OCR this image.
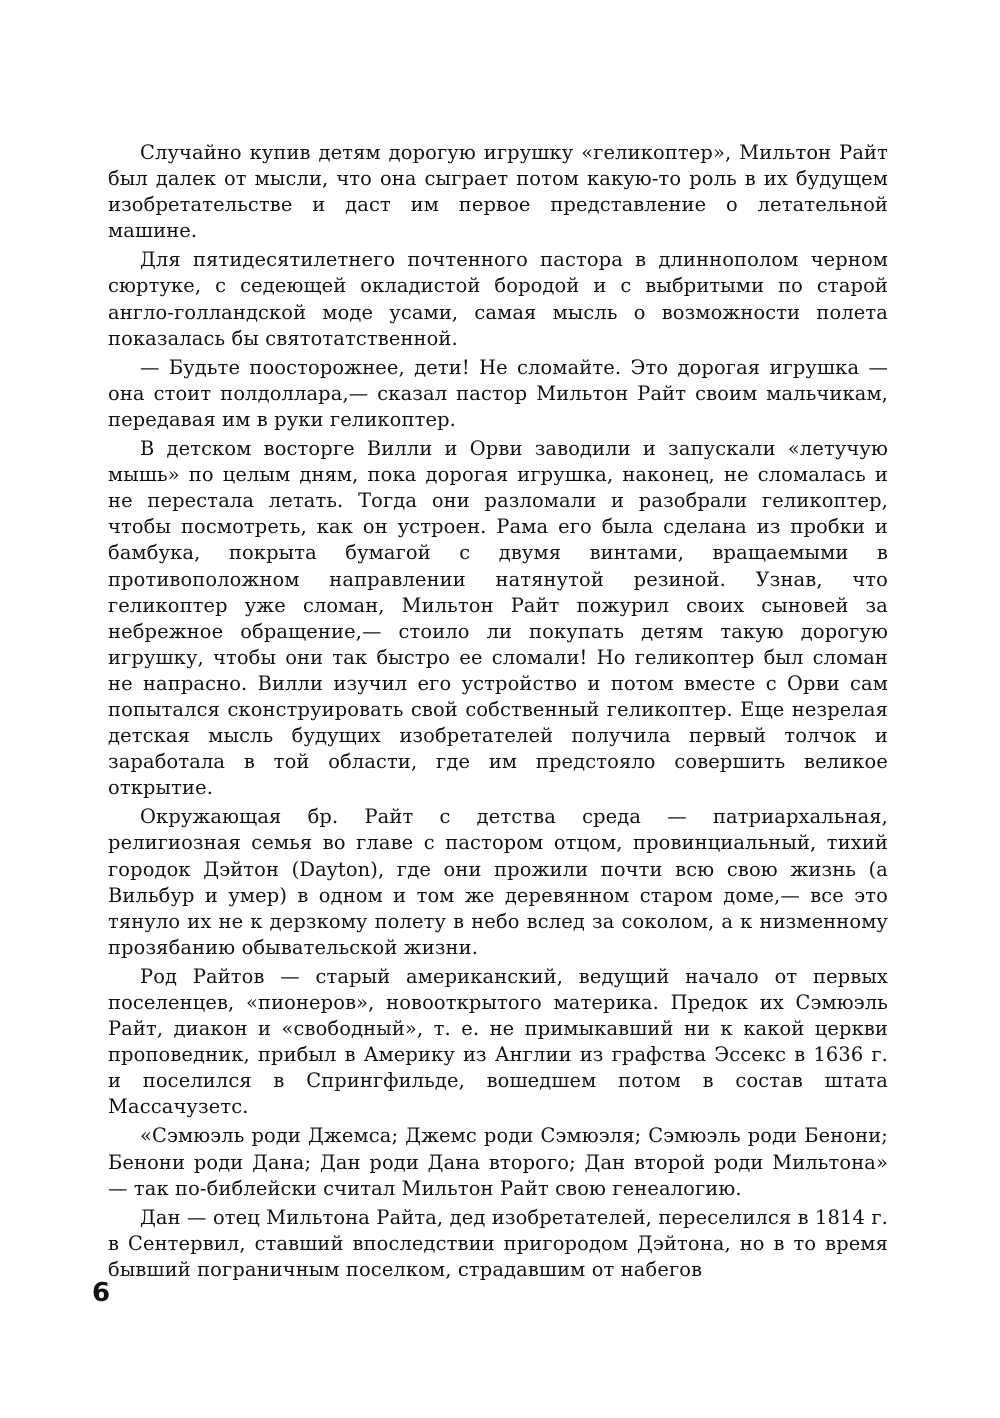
Случайно купив детям дорогую игрушку «геликоптер», Мильтон Райт был далек от мысли, что она сыграет потом какую-то роль в их будущем изобретательстве и даст им первое представление о летательной машине.

Для пятидесятилетнего почтенного пастора в длиннополом черном сюртуке, с седеющей окладистой бородой и с выбритыми по старой англо-голландской моде усами, самая мысль о возможности полета показалась бы святотатственной.

— Будьте поосторожнее, дети! Не сломайте. Это дорогая игрушка — она стоит полдоллара,— сказал пастор Мильтон Райт своим мальчикам, передавая им в руки геликоптер.

В детском восторге Вилли и Орви заводили и запускали «летучую мышь» по целым дням, пока дорогая игрушка, наконец, не сломалась и не перестала летать. Тогда они разломали и разобрали геликоптер, чтобы посмотреть, как он устроен. Рама его была сделана из пробки и бамбука, покрыта бумагой с двумя винтами, вращаемыми в противоположном направлении натянутой резиной. Узнав, что геликоптер уже сломан, Мильтон Райт пожурил своих сыновей за небрежное обращение,— стоило ли покупать детям такую дорогую игрушку, чтобы они так быстро ее сломали! Но геликоптер был сломан не напрасно. Вилли изучил его устройство и потом вместе с Орви сам попытался сконструировать свой собственный геликоптер. Еще незрелая детская мысль будущих изобретателей получила первый толчок и заработала в той области, где им предстояло совершить великое открытие.

Окружающая бр. Райт с детства среда — патриархальная, религиозная семья во главе с пастором отцом, провинциальный, тихий городок Дэйтон (Dayton), где они прожили почти всю свою жизнь (а Вильбур и умер) в одном и том же деревянном старом доме,— все это тянуло их не к дерзкому полету в небо вслед за соколом, а к низменному прозябанию обывательской жизни.

Род Райтов — старый американский, ведущий начало от первых поселенцев, «пионеров», новооткрытого материка. Предок их Сэмюэль Райт, диакон и «свободный», т. е. не примыкавший ни к какой церкви проповедник, прибыл в Америку из Англии из графства Эссекс в 1636 г. и поселился в Спрингфильде, вошедшем потом в состав штата Массачузетс.

«Сэмюэль роди Джемса; Джемс роди Сэмюэля; Сэмюэль роди Бенони; Бенони роди Дана; Дан роди Дана второго; Дан второй роди Мильтона» — так по-библейски считал Мильтон Райт свою генеалогию.

Дан — отец Мильтона Райта, дед изобретателей, переселился в 1814 г. в Сентервил, ставший впоследствии пригородом Дэйтона, но в то время бывший пограничным поселком, страдавшим от набегов

6
